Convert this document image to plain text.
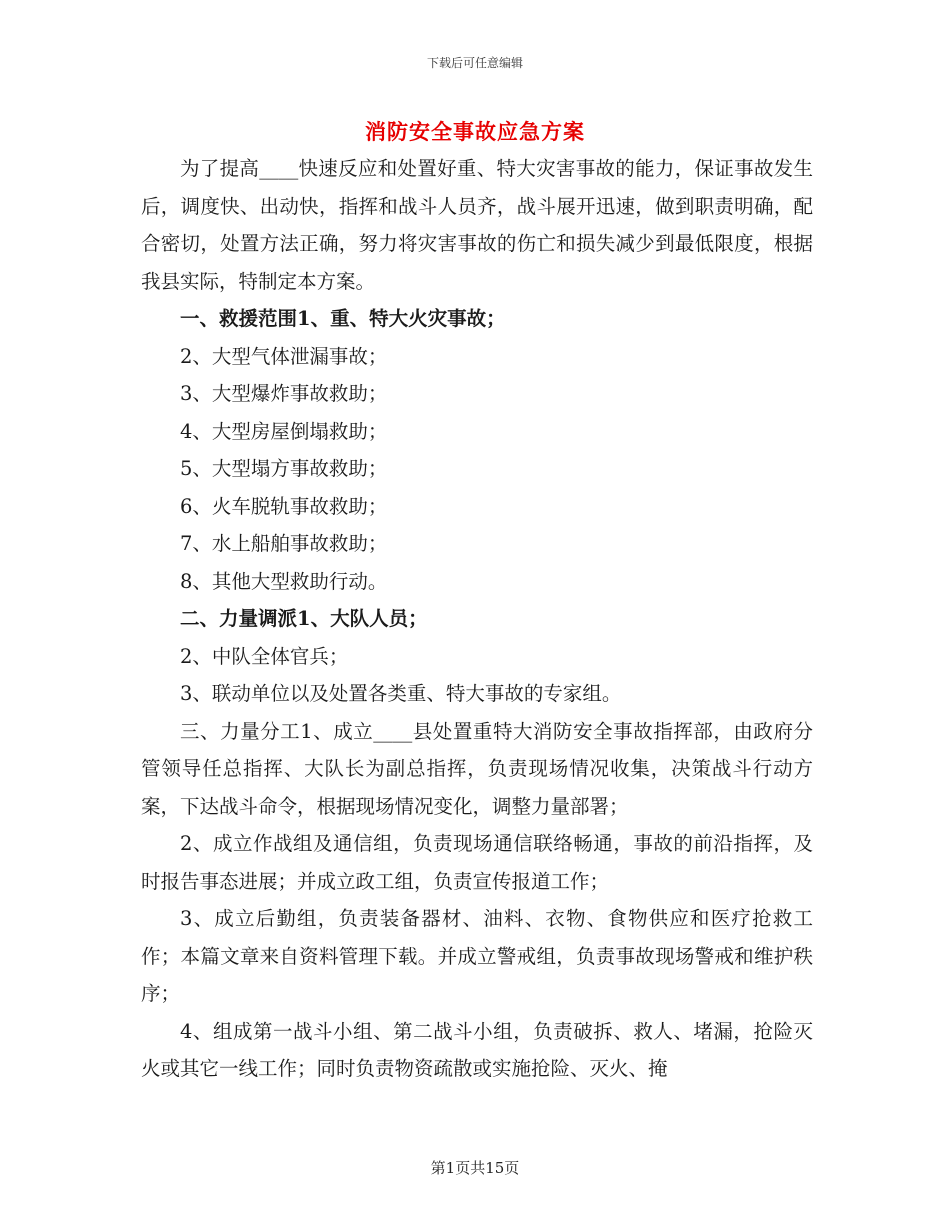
下载后可任意编辑
消防安全事故应急方案

为了提高____快速反应和处置好重、特大灾害事故的能力，保证事故发生后，调度快、出动快，指挥和战斗人员齐，战斗展开迅速，做到职责明确，配合密切，处置方法正确，努力将灾害事故的伤亡和损失减少到最低限度，根据我县实际，特制定本方案。

一、救援范围1、重、特大火灾事故；

2、大型气体泄漏事故；

3、大型爆炸事故救助；

4、大型房屋倒塌救助；

5、大型塌方事故救助；

6、火车脱轨事故救助；

7、水上船舶事故救助；

8、其他大型救助行动。

二、力量调派1、大队人员；

2、中队全体官兵；

3、联动单位以及处置各类重、特大事故的专家组。

三、力量分工1、成立____县处置重特大消防安全事故指挥部，由政府分管领导任总指挥、大队长为副总指挥，负责现场情况收集，决策战斗行动方案，下达战斗命令，根据现场情况变化，调整力量部署；

2、成立作战组及通信组，负责现场通信联络畅通，事故的前沿指挥，及时报告事态进展；并成立政工组，负责宣传报道工作；

3、成立后勤组，负责装备器材、油料、衣物、食物供应和医疗抢救工作；本篇文章来自资料管理下载。并成立警戒组，负责事故现场警戒和维护秩序；

4、组成第一战斗小组、第二战斗小组，负责破拆、救人、堵漏，抢险灭火或其它一线工作；同时负责物资疏散或实施抢险、灭火、掩

第1页共15页
